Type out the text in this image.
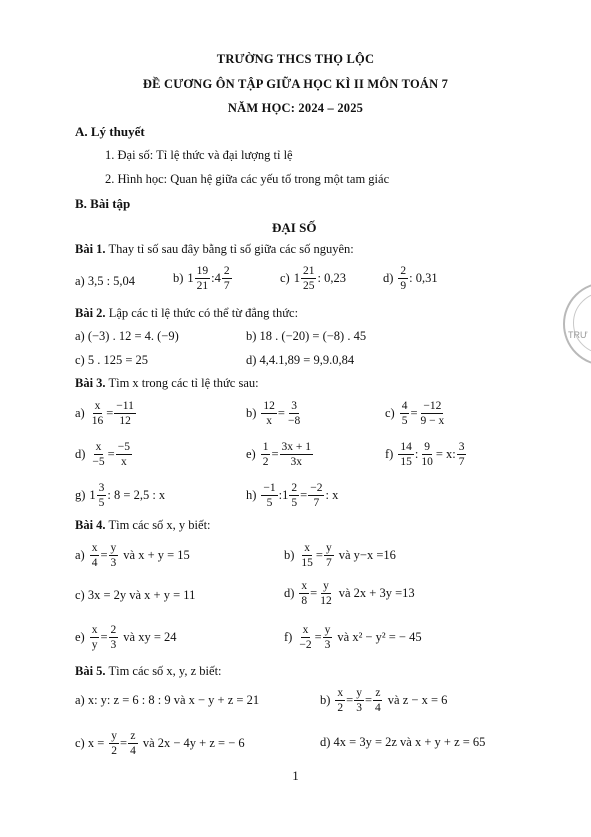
TRƯỜNG THCS THỌ LỘC
ĐỀ CƯƠNG ÔN TẬP GIỮA HỌC KÌ II MÔN TOÁN 7
NĂM HỌC: 2024 – 2025
A. Lý thuyết
1. Đại số: Tỉ lệ thức và đại lượng tỉ lệ
2. Hình học: Quan hệ giữa các yếu tố trong một tam giác
B. Bài tập
ĐẠI SỐ
Bài 1. Thay tỉ số sau đây bằng tỉ số giữa các số nguyên:
a) 3,5 : 5,04	b) $1 \frac{19}{21}$ :4 $\frac{2}{7}$	c) $1 \frac{21}{25}$ : 0,23	$d) \frac{2}{9}$ : 0,31
Bài 2. Lập các tỉ lệ thức có thể từ đẳng thức:
a) (−3) . 12 = 4. (−9)	b) 18 . (−20) = (−8) . 45
c) 5 . 125 = 25	d) 4,4.1,89 = 9,9.0,84
Bài 3. Tìm x trong các tỉ lệ thức sau:
$a) \frac{x}{16} = \frac{-11}{12}$	$b) \frac{12}{x} = \frac{3}{-8}$	$c) \frac{4}{5} = \frac{-12}{9 - x}$
$d) \frac{x}{-5} = \frac{-5}{x}$	$e) \frac{1}{2} = \frac{3x + 1}{3x}$	$f) \frac{14}{15}$ : $\frac{9}{10} = x$: $\frac{3}{7}$
g) $1 \frac{3}{5}$ : 8 = 2,5 : x	$h) \frac{-1}{5}$ :1 $\frac{2}{5} = \frac{-2}{7}$ : x
Bài 4. Tìm các số x, y biết:
$a) \frac{x}{4} = \frac{y}{3}$ và x + y = 15	$b) \frac{x}{15} = \frac{y}{7}$ và y−x =16
c) 3x = 2y và x + y = 11	$d) \frac{x}{8} = \frac{y}{12}$ và 2x + 3y =13
$e) \frac{x}{y} = \frac{2}{3}$ và xy = 24	$f) \frac{x}{-2} = \frac{y}{3}$ và x² − y² = − 45
Bài 5. Tìm các số x, y, z biết:
a) x: y: z = 6 : 8 : 9 và x − y + z = 21	$b) \frac{x}{2} = \frac{y}{3} = \frac{z}{4}$ và z − x = 6
c) $x = \frac{y}{2} = \frac{z}{4}$ và 2x − 4y + z = − 6	d) 4x = 3y = 2z và x + y + z = 65
TRƯ
1
